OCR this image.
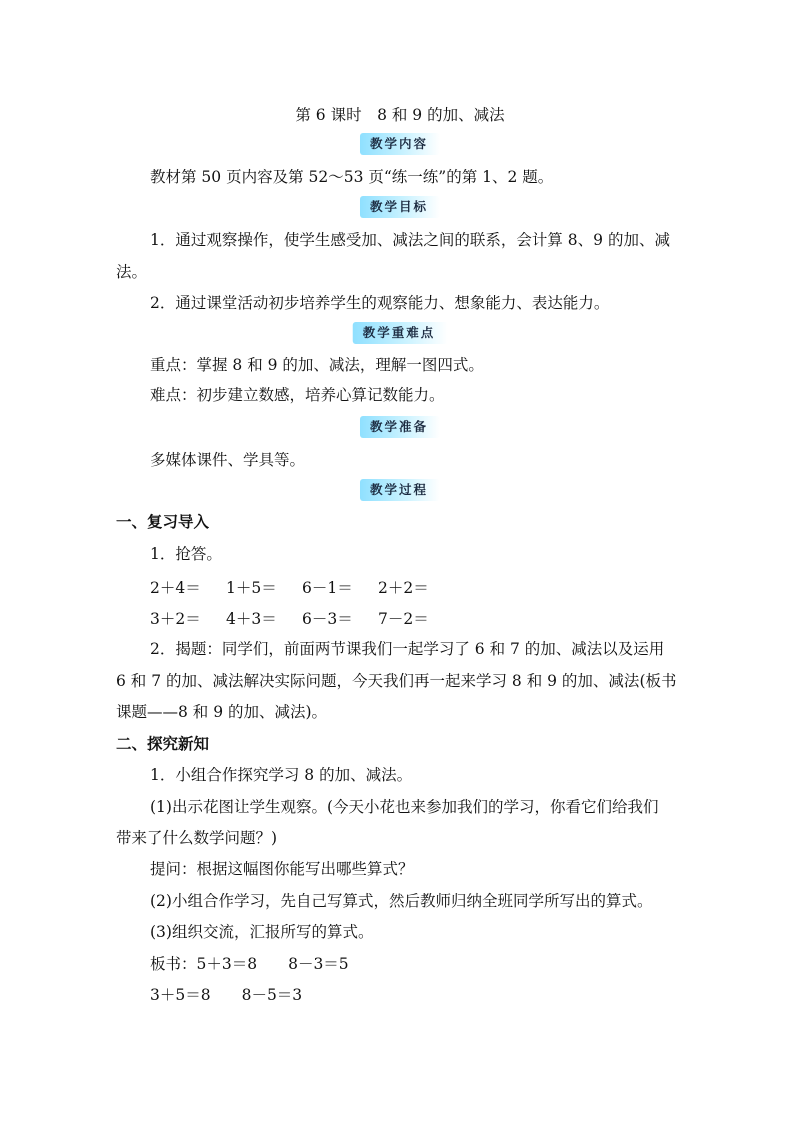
第 6 课时　8 和 9 的加、减法
教学内容
教材第 50 页内容及第 52～53 页“练一练”的第 1、2 题。
教学目标
1．通过观察操作，使学生感受加、减法之间的联系，会计算 8、9 的加、减
法。
2．通过课堂活动初步培养学生的观察能力、想象能力、表达能力。
教学重难点
重点：掌握 8 和 9 的加、减法，理解一图四式。
难点：初步建立数感，培养心算记数能力。
教学准备
多媒体课件、学具等。
教学过程
一、复习导入
1．抢答。
2＋4＝ 1＋5＝ 6－1＝ 2＋2＝
3＋2＝ 4＋3＝ 6－3＝ 7－2＝
2．揭题：同学们，前面两节课我们一起学习了 6 和 7 的加、减法以及运用
6 和 7 的加、减法解决实际问题，今天我们再一起来学习 8 和 9 的加、减法(板书
课题——8 和 9 的加、减法)。
二、探究新知
1．小组合作探究学习 8 的加、减法。
(1)出示花图让学生观察。(今天小花也来参加我们的学习，你看它们给我们
带来了什么数学问题？)
提问：根据这幅图你能写出哪些算式？
(2)小组合作学习，先自己写算式，然后教师归纳全班同学所写出的算式。
(3)组织交流，汇报所写的算式。
板书：5＋3＝8　　8－3＝5
3＋5＝8　　8－5＝3
